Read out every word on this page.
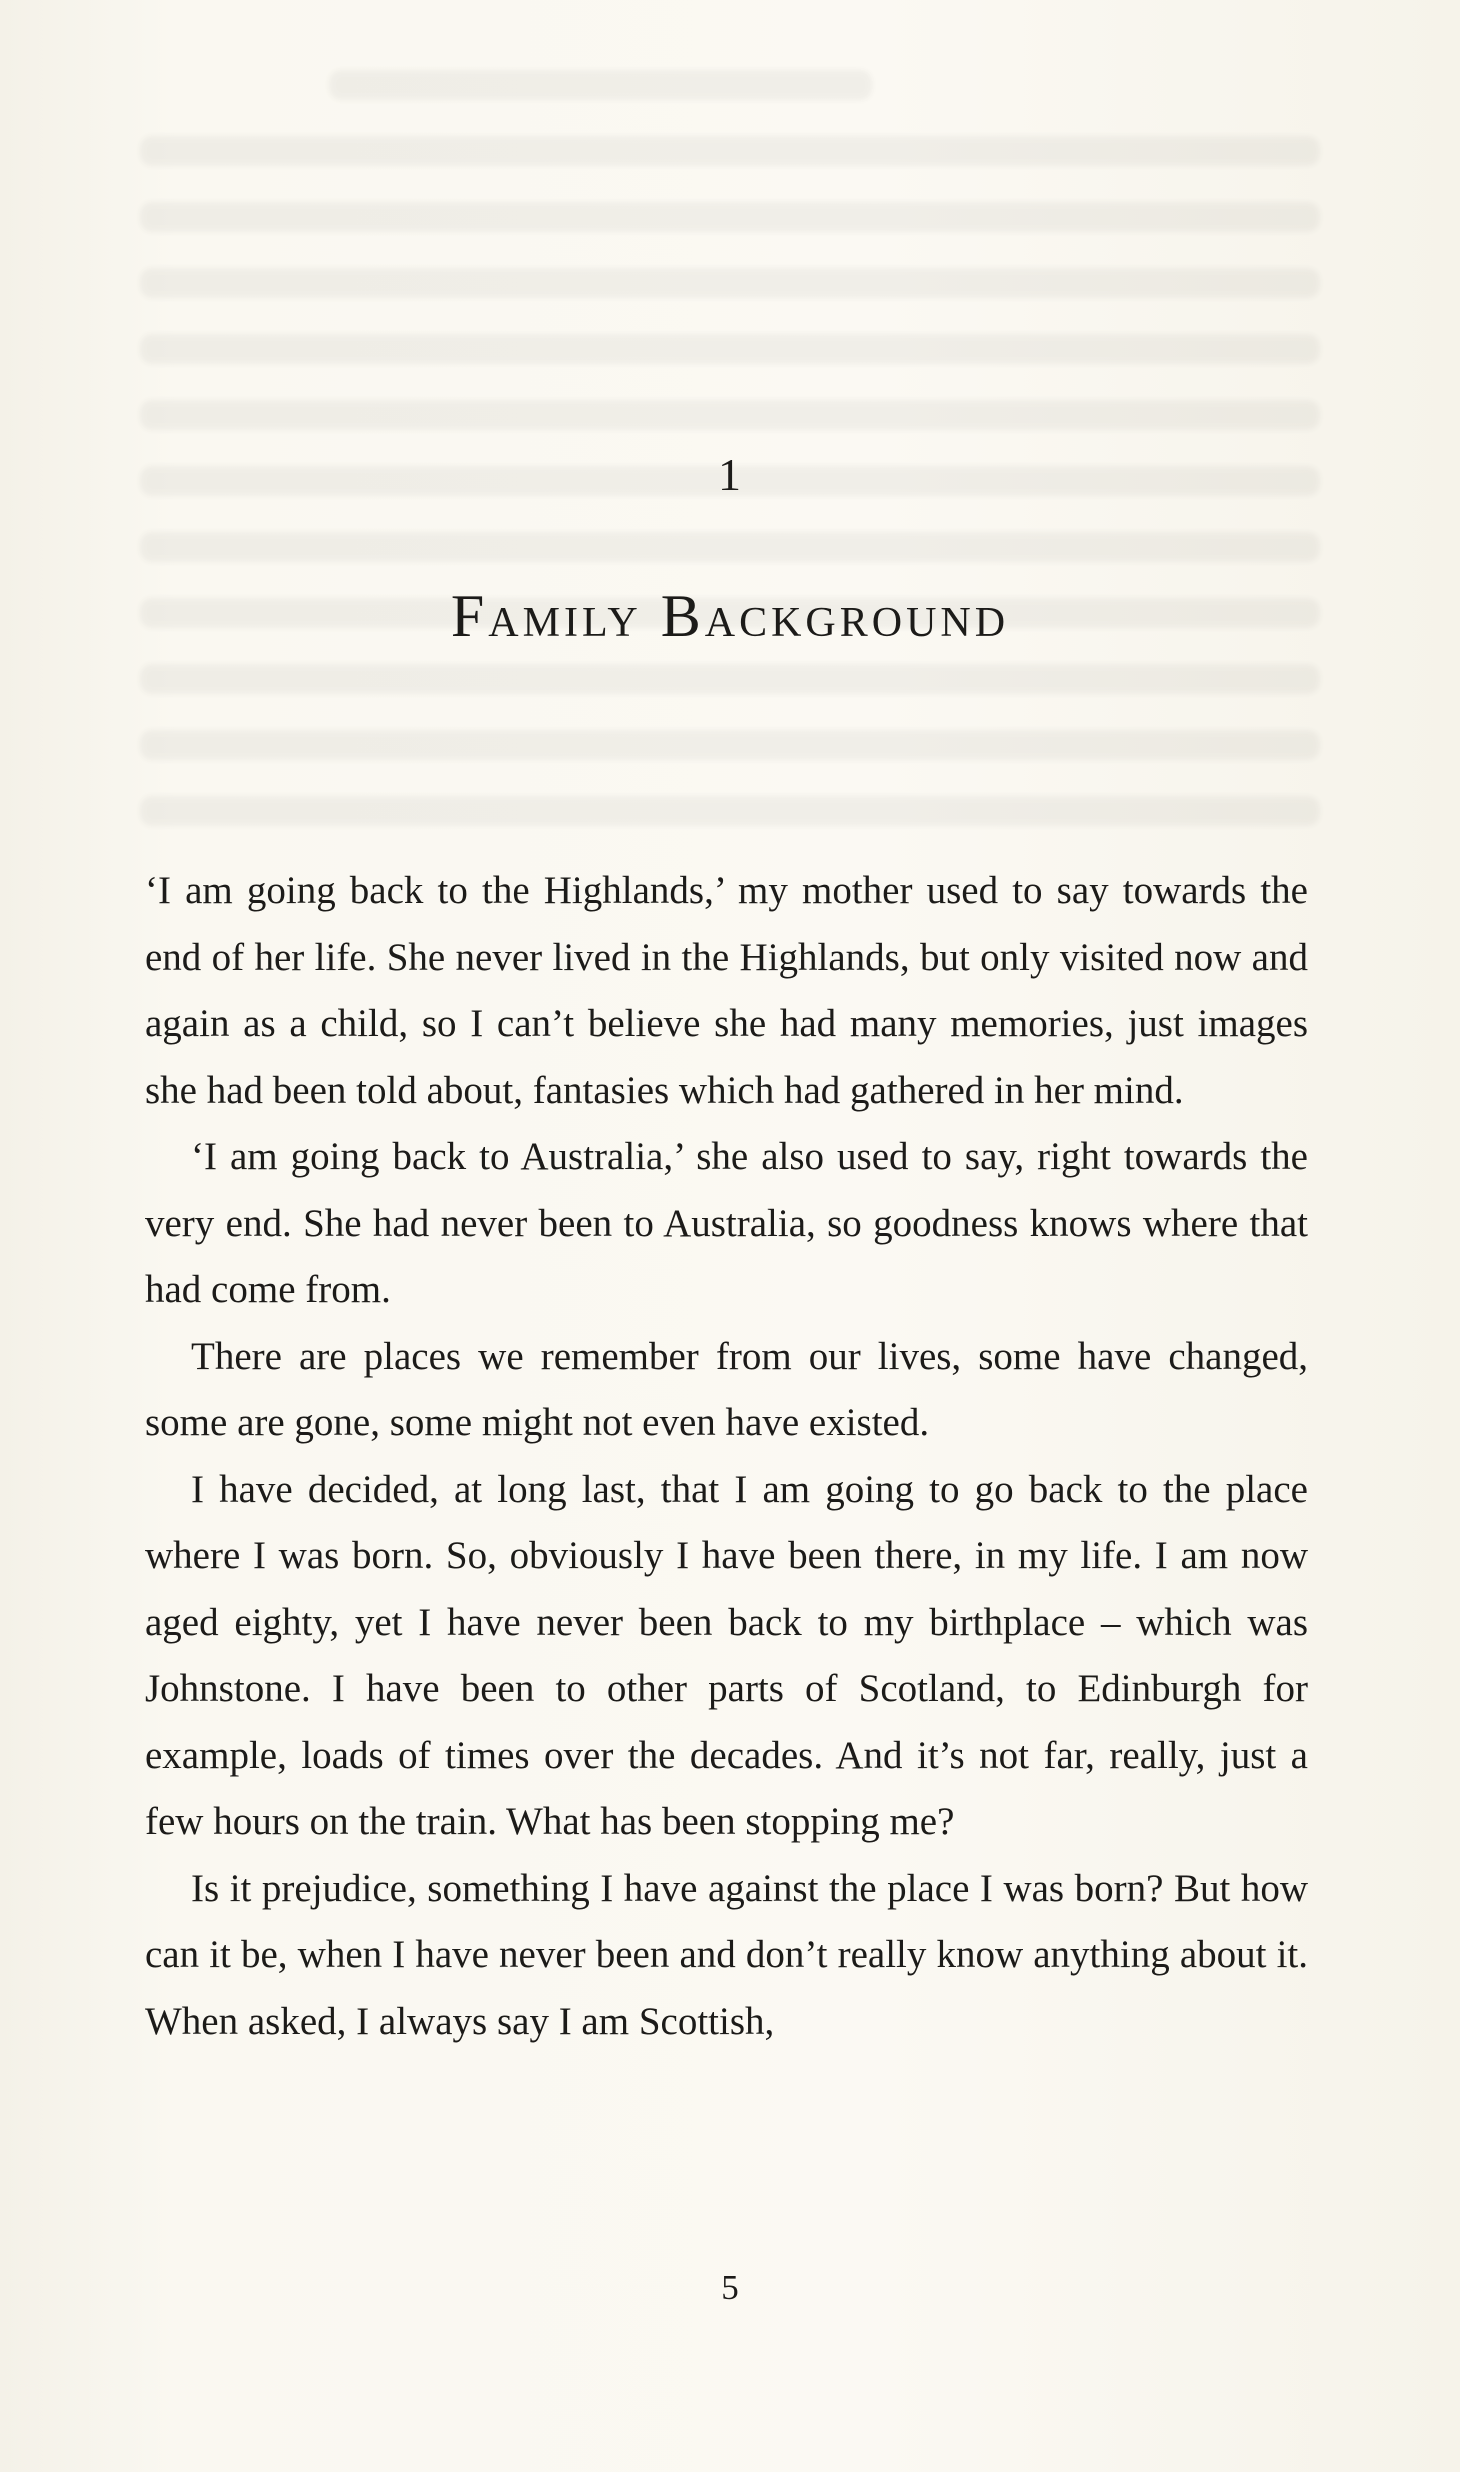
1
Family Background

‘I am going back to the Highlands,’ my mother used to say towards the end of her life. She never lived in the Highlands, but only visited now and again as a child, so I can’t believe she had many memories, just images she had been told about, fantasies which had gathered in her mind.

‘I am going back to Australia,’ she also used to say, right towards the very end. She had never been to Australia, so goodness knows where that had come from.

There are places we remember from our lives, some have changed, some are gone, some might not even have existed.

I have decided, at long last, that I am going to go back to the place where I was born. So, obviously I have been there, in my life. I am now aged eighty, yet I have never been back to my birthplace – which was Johnstone. I have been to other parts of Scotland, to Edinburgh for example, loads of times over the decades. And it’s not far, really, just a few hours on the train. What has been stopping me?

Is it prejudice, something I have against the place I was born? But how can it be, when I have never been and don’t really know anything about it. When asked, I always say I am Scottish,

5
